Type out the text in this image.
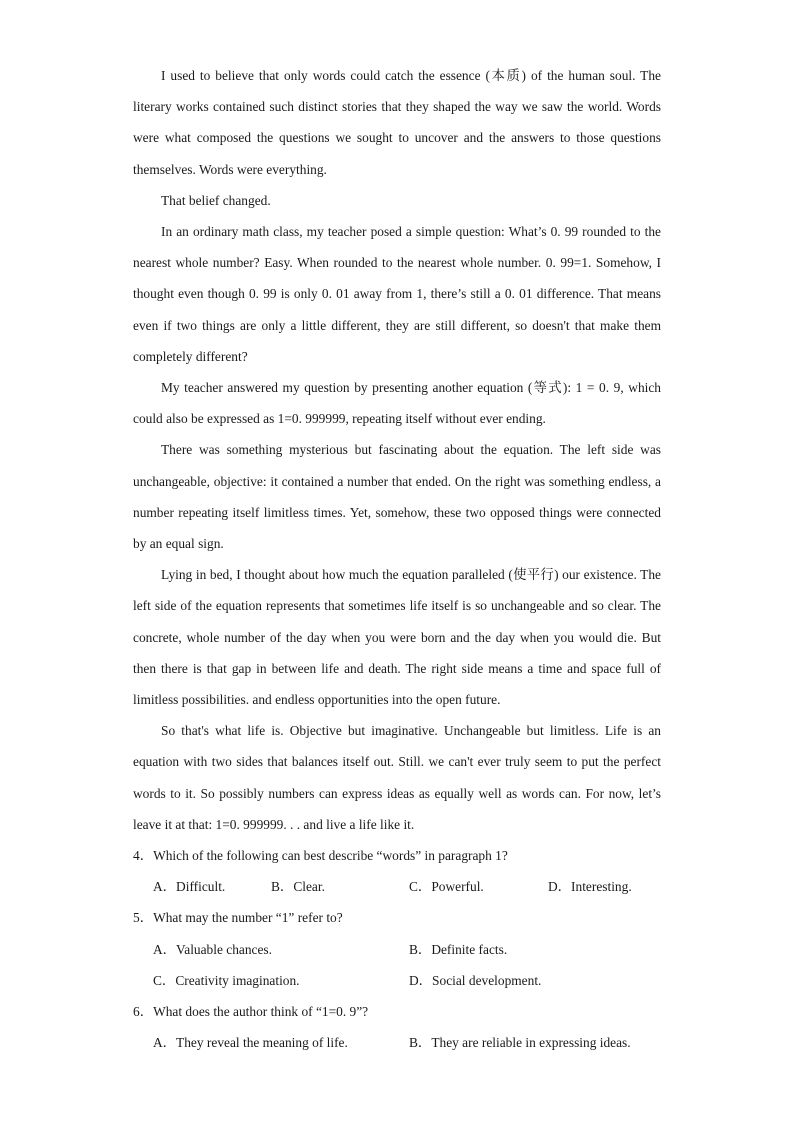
I used to believe that only words could catch the essence (本质) of the human soul. The literary works contained such distinct stories that they shaped the way we saw the world. Words were what composed the questions we sought to uncover and the answers to those questions themselves. Words were everything.

That belief changed.

In an ordinary math class, my teacher posed a simple question: What’s 0. 99 rounded to the nearest whole number? Easy. When rounded to the nearest whole number. 0. 99=1. Somehow, I thought even though 0. 99 is only 0. 01 away from 1, there’s still a 0. 01 difference. That means even if two things are only a little different, they are still different, so doesn't that make them completely different?

My teacher answered my question by presenting another equation (等式): 1 = 0. 9, which could also be expressed as 1=0. 999999, repeating itself without ever ending.

There was something mysterious but fascinating about the equation. The left side was unchangeable, objective: it contained a number that ended. On the right was something endless, a number repeating itself limitless times. Yet, somehow, these two opposed things were connected by an equal sign.

Lying in bed, I thought about how much the equation paralleled (使平行) our existence. The left side of the equation represents that sometimes life itself is so unchangeable and so clear. The concrete, whole number of the day when you were born and the day when you would die. But then there is that gap in between life and death. The right side means a time and space full of limitless possibilities. and endless opportunities into the open future.

So that's what life is. Objective but imaginative. Unchangeable but limitless. Life is an equation with two sides that balances itself out. Still. we can't ever truly seem to put the perfect words to it. So possibly numbers can express ideas as equally well as words can. For now, let’s leave it at that: 1=0. 999999. . . and live a life like it.

4．Which of the following can best describe “words” in paragraph 1?

A．Difficult.	B．Clear.	C．Powerful.	D．Interesting.

5．What may the number “1” refer to?

A．Valuable chances.	B．Definite facts.
C．Creativity imagination.	D．Social development.

6．What does the author think of “1=0. 9”?

A．They reveal the meaning of life.	B．They are reliable in expressing ideas.
